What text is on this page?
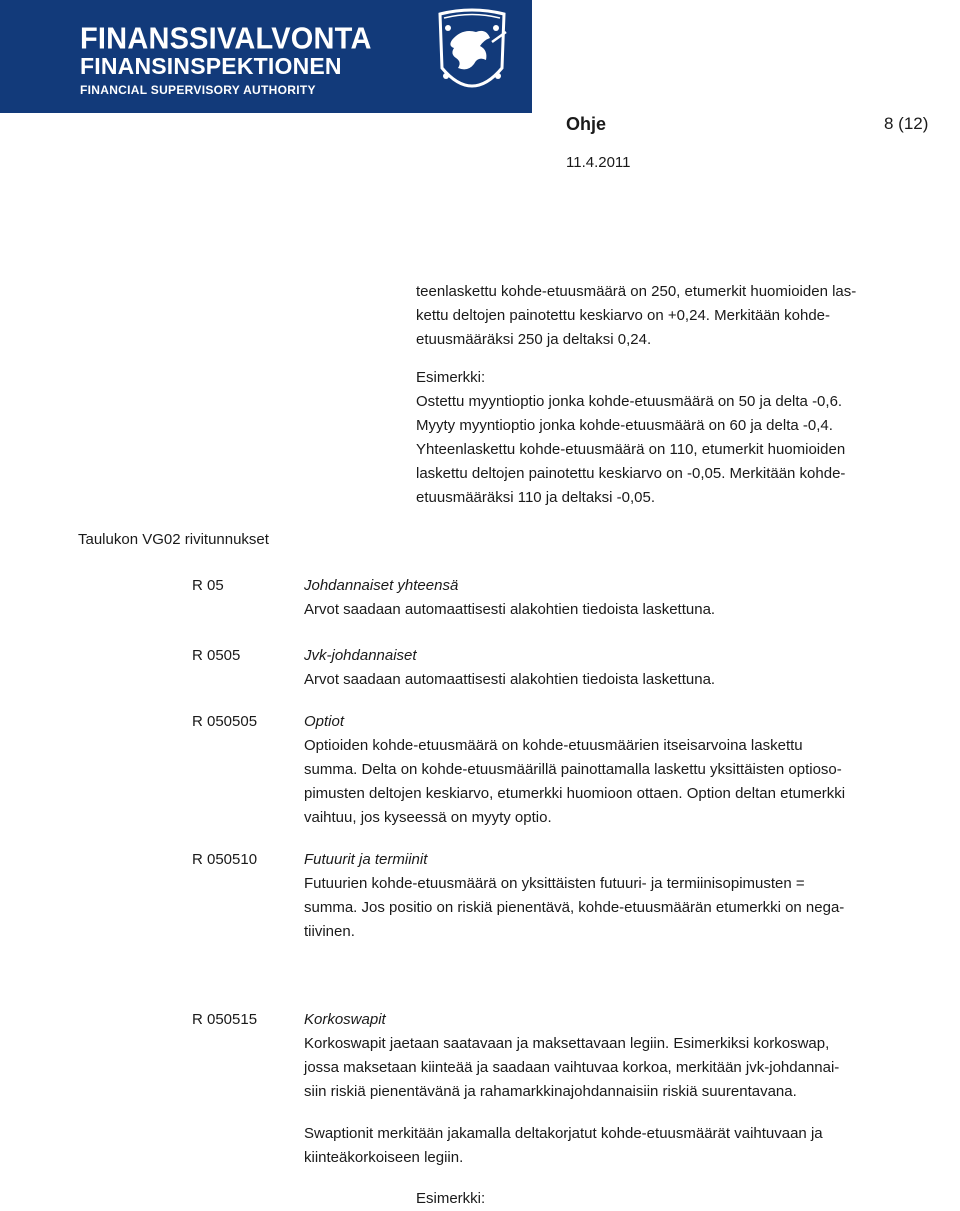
FINANSSIVALVONTA
FINANSINSPEKTIONEN
FINANCIAL SUPERVISORY AUTHORITY
Ohje	8 (12)
11.4.2011
teenlaskettu kohde-etuusmäärä on 250, etumerkit huomioiden las-
kettu deltojen painotettu keskiarvo on +0,24. Merkitään kohde-
etuusmääräksi 250 ja deltaksi 0,24.
Esimerkki:
Ostettu myyntioptio jonka kohde-etuusmäärä on 50 ja delta -0,6.
Myyty myyntioptio jonka kohde-etuusmäärä on 60 ja delta -0,4.
Yhteenlaskettu kohde-etuusmäärä on 110, etumerkit huomioiden
laskettu deltojen painotettu keskiarvo on -0,05. Merkitään kohde-
etuusmääräksi 110 ja deltaksi -0,05.
Taulukon VG02 rivitunnukset
R 05	Johdannaiset yhteensä
Arvot saadaan automaattisesti alakohtien tiedoista laskettuna.
R 0505	Jvk-johdannaiset
Arvot saadaan automaattisesti alakohtien tiedoista laskettuna.
R 050505	Optiot
Optioiden kohde-etuusmäärä on kohde-etuusmäärien itseisarvoina laskettu
summa. Delta on kohde-etuusmäärillä painottamalla laskettu yksittäisten optioso-
pimusten deltojen keskiarvo, etumerkki huomioon ottaen. Option deltan etumerkki
vaihtuu, jos kyseessä on myyty optio.
R 050510	Futuurit ja termiinit
Futuurien kohde-etuusmäärä on yksittäisten futuuri- ja termiinisopimusten =
summa. Jos positio on riskiä pienentävä, kohde-etuusmäärän etumerkki on nega-
tiivinen.
R 050515	Korkoswapit
Korkoswapit jaetaan saatavaan ja maksettavaan legiin. Esimerkiksi korkoswap,
jossa maksetaan kiinteää ja saadaan vaihtuvaa korkoa, merkitään jvk-johdannai-
siin riskiä pienentävänä ja rahamarkkinajohdannaisiin riskiä suurentavana.
Swaptionit merkitään jakamalla deltakorjatut kohde-etuusmäärät vaihtuvaan ja
kiinteäkorkoiseen legiin.
Esimerkki:
